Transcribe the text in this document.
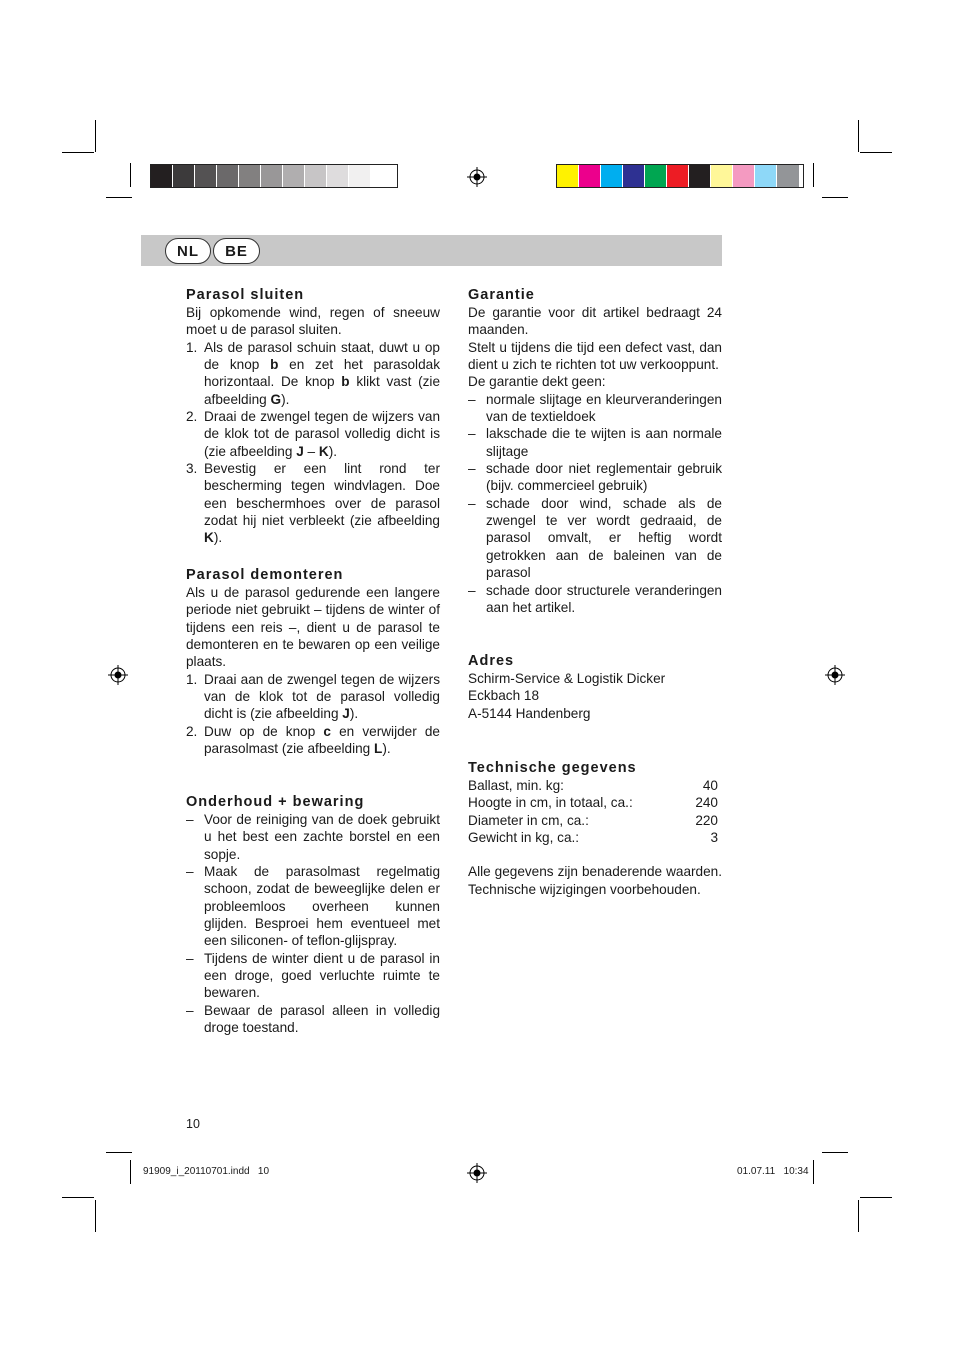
NL	BE
Parasol sluiten

Bij opkomende wind, regen of sneeuw moet u de parasol sluiten.

1. Als de parasol schuin staat, duwt u op de knop b en zet het parasoldak horizontaal. De knop b klikt vast (zie afbeelding G).
2. Draai de zwengel tegen de wijzers van de klok tot de parasol volledig dicht is (zie afbeelding J – K).
3. Bevestig er een lint rond ter bescherming tegen windvlagen. Doe een beschermhoes over de parasol zodat hij niet verbleekt (zie afbeelding K).
Parasol demonteren

Als u de parasol gedurende een langere periode niet gebruikt – tijdens de winter of tijdens een reis –, dient u de parasol te demonteren en te bewaren op een veilige plaats.

1. Draai aan de zwengel tegen de wijzers van de klok tot de parasol volledig dicht is (zie afbeelding J).
2. Duw op de knop c en verwijder de parasolmast (zie afbeelding L).
Onderhoud + bewaring
– Voor de reiniging van de doek gebruikt u het best een zachte borstel en een sopje.
– Maak de parasolmast regelmatig schoon, zodat de beweeglijke delen er probleemloos overheen kunnen glijden. Besproei hem eventueel met een siliconen- of teflon-glijspray.
– Tijdens de winter dient u de parasol in een droge, goed verluchte ruimte te bewaren.
– Bewaar de parasol alleen in volledig droge toestand.
Garantie

De garantie voor dit artikel bedraagt 24 maanden.

Stelt u tijdens die tijd een defect vast, dan dient u zich te richten tot uw verkooppunt.

De garantie dekt geen:

– normale slijtage en kleurveranderingen van de textieldoek
– lakschade die te wijten is aan normale slijtage
– schade door niet reglementair gebruik (bijv. commercieel gebruik)
– schade door wind, schade als de zwengel te ver wordt gedraaid, de parasol omvalt, er heftig wordt getrokken aan de baleinen van de parasol
– schade door structurele veranderingen aan het artikel.
Adres
Schirm-Service & Logistik Dicker
Eckbach 18
A-5144 Handenberg
Technische gegevens
Ballast, min. kg:	40
Hoogte in cm, in totaal, ca.:	240
Diameter in cm, ca.:	220
Gewicht in kg, ca.:	3

Alle gegevens zijn benaderende waarden. Technische wijzigingen voorbehouden.

10
91909_i_20110701.indd   10	01.07.11   10:34
